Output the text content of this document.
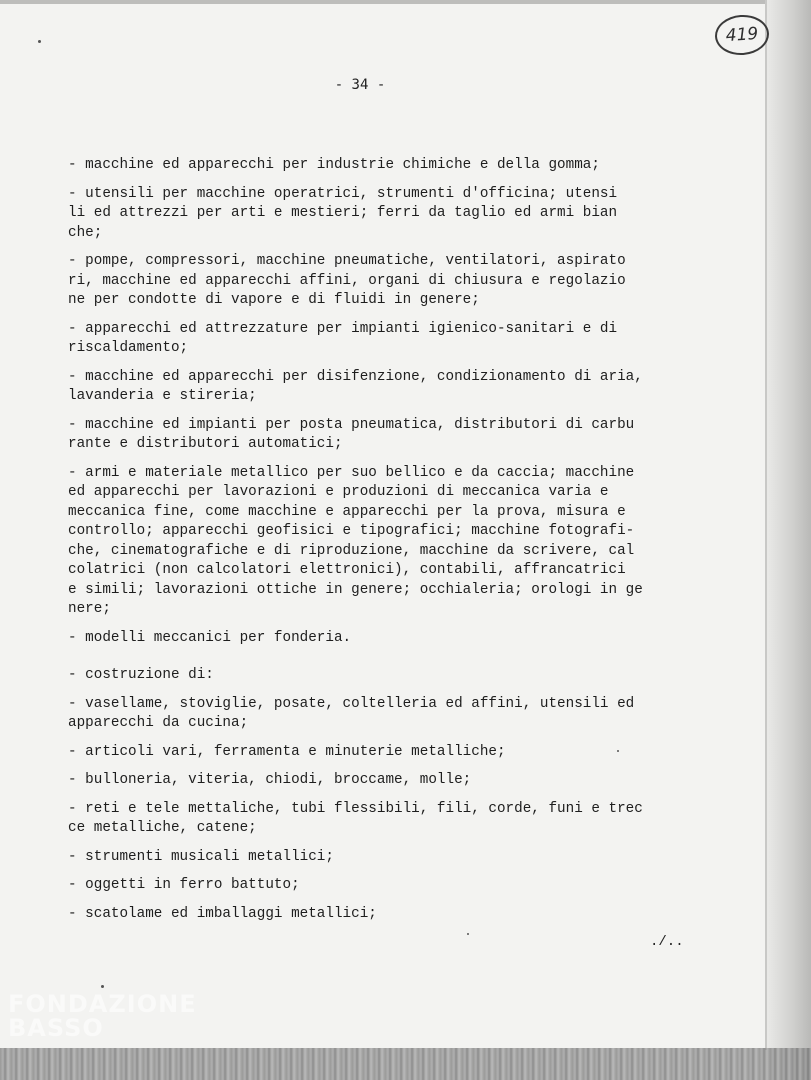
419
- 34 -
- macchine ed apparecchi per industrie chimiche e della gomma;
- utensili per macchine operatrici, strumenti d'officina; utensi
li ed attrezzi per arti e mestieri; ferri da taglio ed armi bian
che;
- pompe, compressori, macchine pneumatiche, ventilatori, aspirato
ri, macchine ed apparecchi affini, organi di chiusura e regolazio
ne per condotte di vapore e di fluidi in genere;
- apparecchi ed attrezzature per impianti igienico-sanitari e di
riscaldamento;
- macchine ed apparecchi per disifenzione, condizionamento di aria,
lavanderia e stireria;
- macchine ed impianti per posta pneumatica, distributori di carbu
rante e distributori automatici;
- armi e materiale metallico per suo bellico e da caccia; macchine
ed apparecchi per lavorazioni e produzioni di meccanica varia e
meccanica fine, come macchine e apparecchi per la prova, misura e
controllo; apparecchi geofisici e tipografici; macchine fotografi-
che, cinematografiche e di riproduzione, macchine da scrivere, cal
colatrici (non calcolatori elettronici), contabili, affrancatrici
e simili; lavorazioni ottiche in genere; occhialeria; orologi in ge
nere;
- modelli meccanici per fonderia.
- costruzione di:
- vasellame, stoviglie, posate, coltelleria ed affini, utensili ed
apparecchi da cucina;
- articoli vari, ferramenta e minuterie metalliche;
- bulloneria, viteria, chiodi, broccame, molle;
- reti e tele mettaliche, tubi flessibili, fili, corde, funi e trec
ce metalliche, catene;
- strumenti musicali metallici;
- oggetti in ferro battuto;
- scatolame ed imballaggi metallici;
./..
FONDAZIONE
BASSO
